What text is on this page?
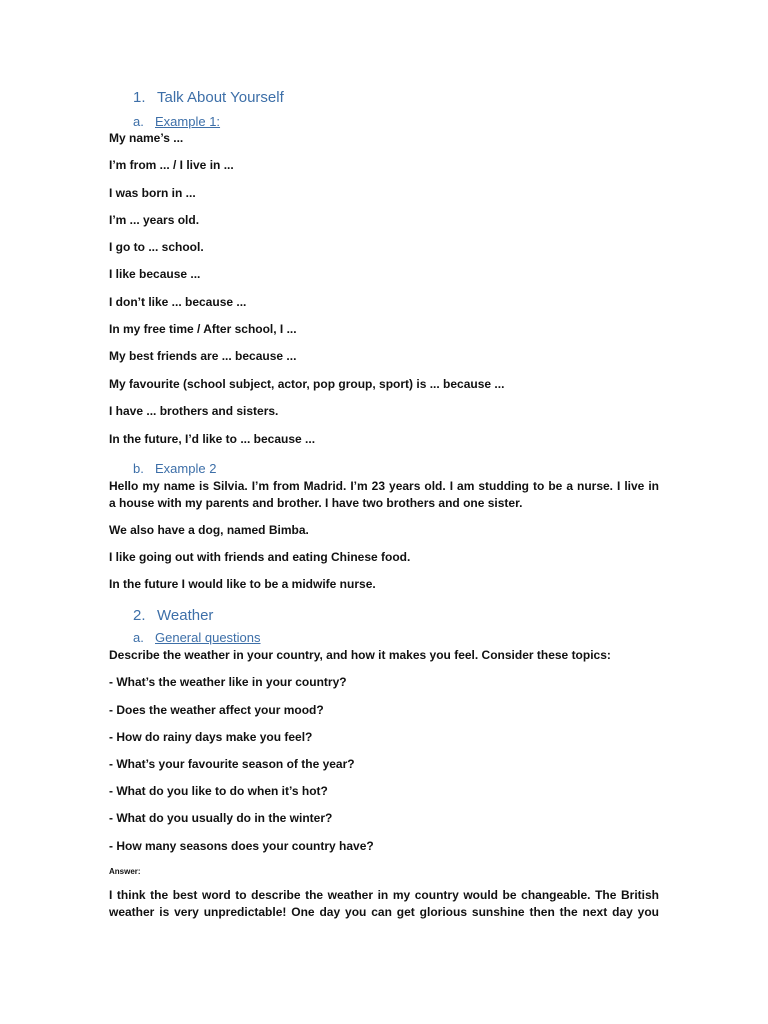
1. Talk About Yourself
a. Example 1:
My name’s ...
I’m from ... / I live in ...
I was born in ...
I’m ... years old.
I go to ... school.
I like because ...
I don’t like ... because ...
In my free time / After school, I ...
My best friends are ... because ...
My favourite (school subject, actor, pop group, sport) is ... because ...
I have ... brothers and sisters.
In the future, I’d like to ... because ...
b. Example 2
Hello my name is Silvia. I’m from Madrid. I’m 23 years old. I am studding to be a nurse. I live in
a house with my parents and brother. I have two brothers and one sister.
We also have a dog, named Bimba.
I like going out with friends and eating Chinese food.
In the future I would like to be a midwife nurse.
2. Weather
a. General questions
Describe the weather in your country, and how it makes you feel. Consider these topics:
- What’s the weather like in your country?
- Does the weather affect your mood?
- How do rainy days make you feel?
- What’s your favourite season of the year?
- What do you like to do when it’s hot?
- What do you usually do in the winter?
- How many seasons does your country have?
Answer:
I think the best word to describe the weather in my country would be changeable. The British
weather is very unpredictable! One day you can get glorious sunshine then the next day you
